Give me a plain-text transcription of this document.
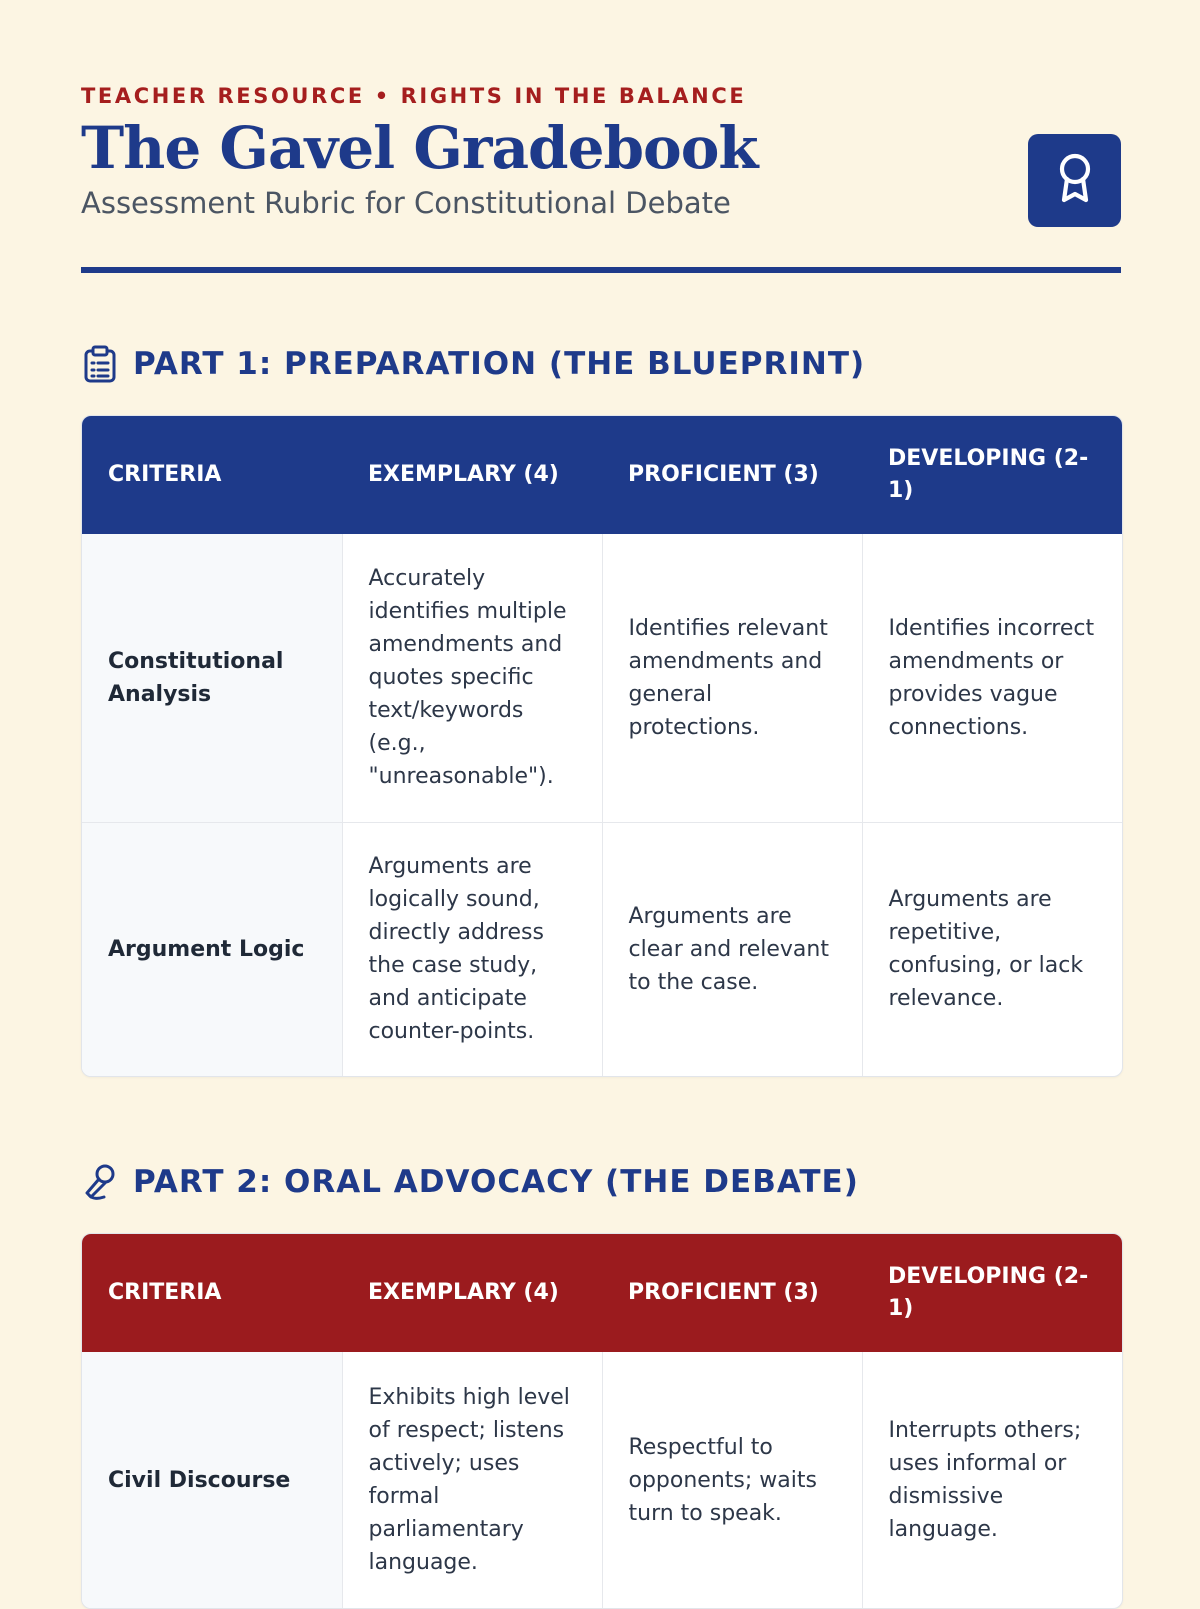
TEACHER RESOURCE • RIGHTS IN THE BALANCE
The Gavel Gradebook
Assessment Rubric for Constitutional Debate
PART 1: PREPARATION (THE BLUEPRINT)
CRITERIA	EXEMPLARY (4)	PROFICIENT (3)	DEVELOPING (2-1)
Constitutional Analysis	Accurately identifies multiple amendments and quotes specific text/keywords (e.g., "unreasonable").	Identifies relevant amendments and general protections.	Identifies incorrect amendments or provides vague connections.
Argument Logic	Arguments are logically sound, directly address the case study, and anticipate counter-points.	Arguments are clear and relevant to the case.	Arguments are repetitive, confusing, or lack relevance.
PART 2: ORAL ADVOCACY (THE DEBATE)
CRITERIA	EXEMPLARY (4)	PROFICIENT (3)	DEVELOPING (2-1)
Civil Discourse	Exhibits high level of respect; listens actively; uses formal parliamentary language.	Respectful to opponents; waits turn to speak.	Interrupts others; uses informal or dismissive language.
